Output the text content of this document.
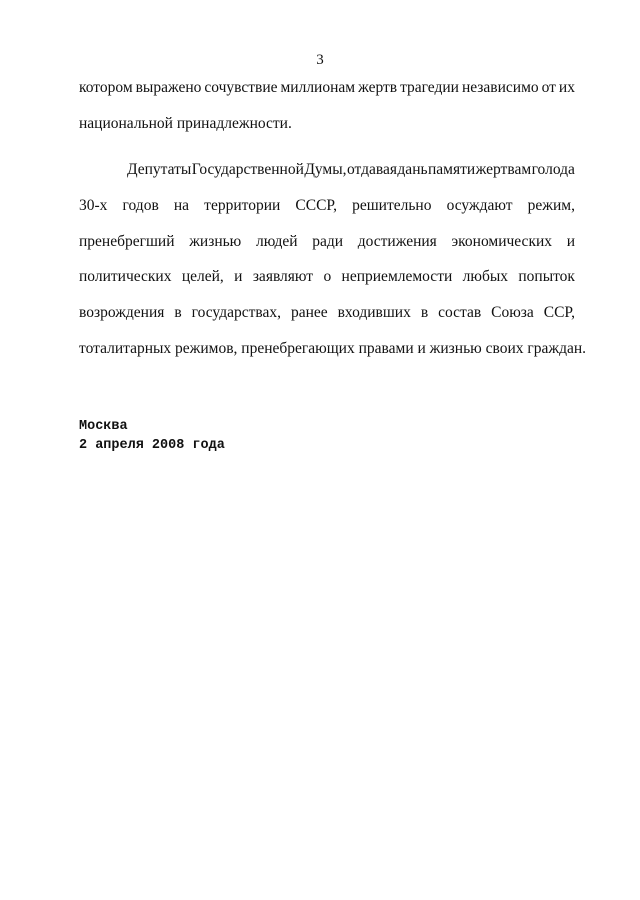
3
котором выражено сочувствие миллионам жертв трагедии независимо от их
национальной принадлежности.
Депутаты Государственной Думы, отдавая дань памяти жертвам голода
30-х годов на территории СССР, решительно осуждают режим,
пренебрегший жизнью людей ради достижения экономических и
политических целей, и заявляют о неприемлемости любых попыток
возрождения в государствах, ранее входивших в состав Союза ССР,
тоталитарных режимов, пренебрегающих правами и жизнью своих граждан.
Москва
2 апреля 2008 года
